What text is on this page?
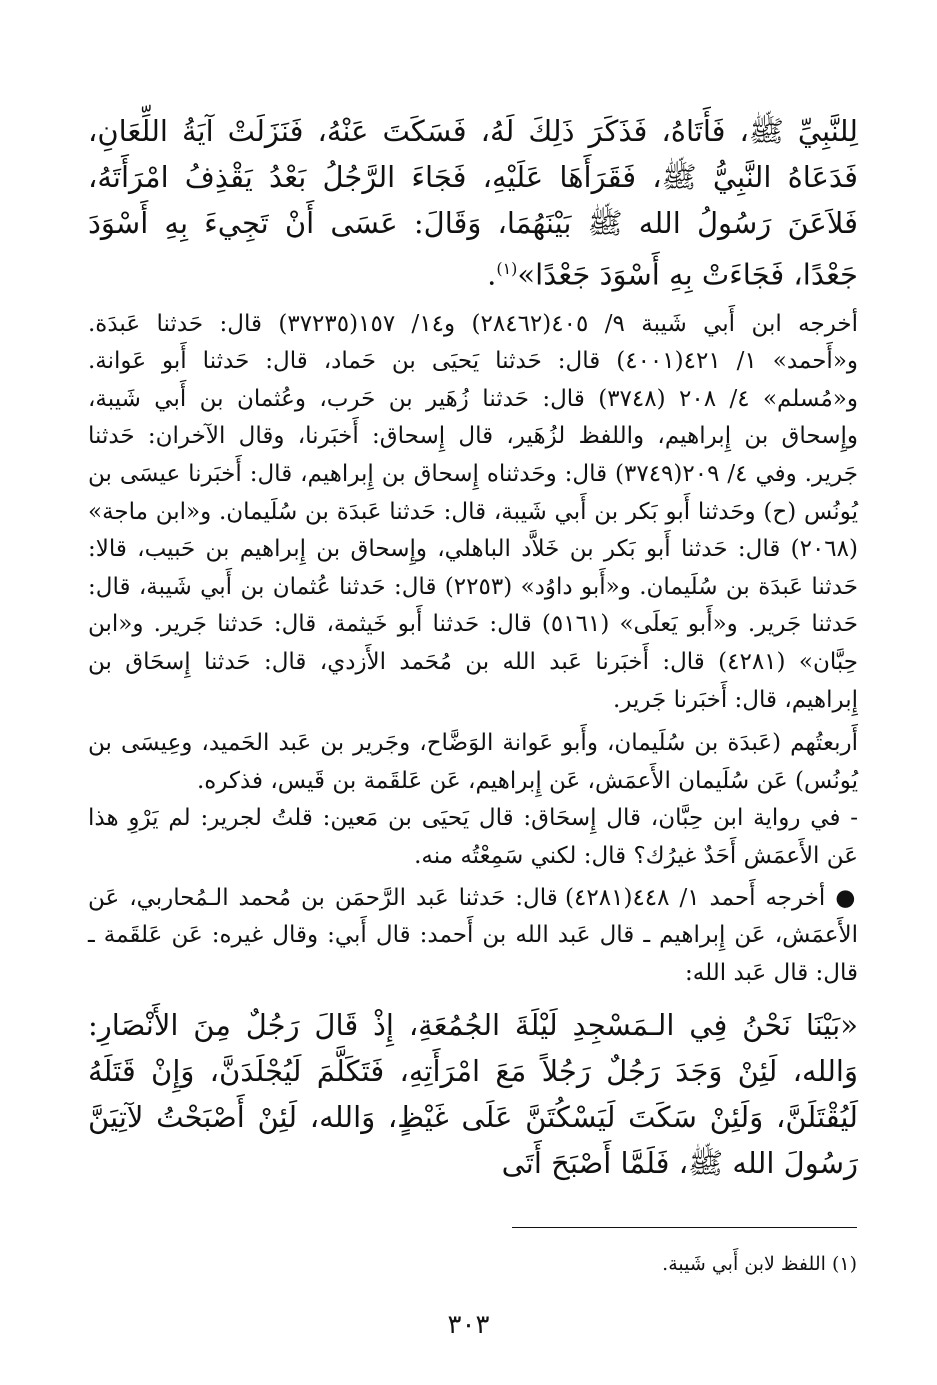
لِلنَّبِيِّ ﷺ، فَأَتَاهُ، فَذَكَرَ ذَلِكَ لَهُ، فَسَكَتَ عَنْهُ، فَنَزَلَتْ آيَةُ اللِّعَانِ، فَدَعَاهُ النَّبِيُّ ﷺ، فَقَرَأَهَا عَلَيْهِ، فَجَاءَ الرَّجُلُ بَعْدُ يَقْذِفُ امْرَأَتَهُ، فَلاَعَنَ رَسُولُ الله ﷺ بَيْنَهُمَا، وَقَالَ: عَسَى أَنْ تَجِيءَ بِهِ أَسْوَدَ جَعْدًا، فَجَاءَتْ بِهِ أَسْوَدَ جَعْدًا»$^{(١)}$.

أخرجه ابن أَبي شَيبة ٩/ ٤٠٥(٢٨٤٦٢) و١٤/ ١٥٧(٣٧٢٣٥) قال: حَدثنا عَبدَة. و«أَحمد» ١/ ٤٢١(٤٠٠١) قال: حَدثنا يَحيَى بن حَماد، قال: حَدثنا أَبو عَوانة. و«مُسلم» ٤/ ٢٠٨ (٣٧٤٨) قال: حَدثنا زُهَير بن حَرب، وعُثمان بن أَبي شَيبة، وإِسحاق بن إِبراهيم، واللفظ لزُهَير، قال إِسحاق: أَخبَرنا، وقال الآخران: حَدثنا جَرير. وفي ٤/ ٢٠٩(٣٧٤٩) قال: وحَدثناه إِسحاق بن إِبراهيم، قال: أَخبَرنا عيسَى بن يُونُس (ح) وحَدثنا أَبو بَكر بن أَبي شَيبة، قال: حَدثنا عَبدَة بن سُلَيمان. و«ابن ماجة» (٢٠٦٨) قال: حَدثنا أَبو بَكر بن خَلاَّد الباهلي، وإِسحاق بن إِبراهيم بن حَبيب، قالا: حَدثنا عَبدَة بن سُلَيمان. و«أَبو داوُد» (٢٢٥٣) قال: حَدثنا عُثمان بن أَبي شَيبة، قال: حَدثنا جَرير. و«أَبو يَعلَى» (٥١٦١) قال: حَدثنا أَبو خَيثمة، قال: حَدثنا جَرير. و«ابن حِبَّان» (٤٢٨١) قال: أَخبَرنا عَبد الله بن مُحَمد الأَزدي، قال: حَدثنا إِسحَاق بن إِبراهيم، قال: أَخبَرنا جَرير.

أَربعتُهم (عَبدَة بن سُلَيمان، وأَبو عَوانة الوَضَّاح، وجَرير بن عَبد الحَميد، وعِيسَى بن يُونُس) عَن سُلَيمان الأَعمَش، عَن إِبراهيم، عَن عَلقَمة بن قَيس، فذكره.

- في رواية ابن حِبَّان، قال إِسحَاق: قال يَحيَى بن مَعين: قلتُ لجرير: لم يَرْوِ هذا عَن الأَعمَش أَحَدٌ غيرُك؟ قال: لكني سَمِعْتُه منه.

● أخرجه أَحمد ١/ ٤٤٨(٤٢٨١) قال: حَدثنا عَبد الرَّحمَن بن مُحمد الـمُحاربي، عَن الأَعمَش، عَن إِبراهيم ـ قال عَبد الله بن أَحمد: قال أَبي: وقال غيره: عَن عَلقَمة ـ قال: قال عَبد الله:

«بَيْنَا نَحْنُ فِي الـمَسْجِدِ لَيْلَةَ الجُمُعَةِ، إِذْ قَالَ رَجُلٌ مِنَ الأَنْصَارِ: وَالله، لَئِنْ وَجَدَ رَجُلٌ رَجُلاً مَعَ امْرَأَتِهِ، فَتَكَلَّمَ لَيُجْلَدَنَّ، وَإِنْ قَتَلَهُ لَيُقْتَلَنَّ، وَلَئِنْ سَكَتَ لَيَسْكُتَنَّ عَلَى غَيْظٍ، وَالله، لَئِنْ أَصْبَحْتُ لآتِيَنَّ رَسُولَ الله ﷺ، فَلَمَّا أَصْبَحَ أَتَى

(١) اللفظ لابن أَبي شَيبة.
٣٠٣
